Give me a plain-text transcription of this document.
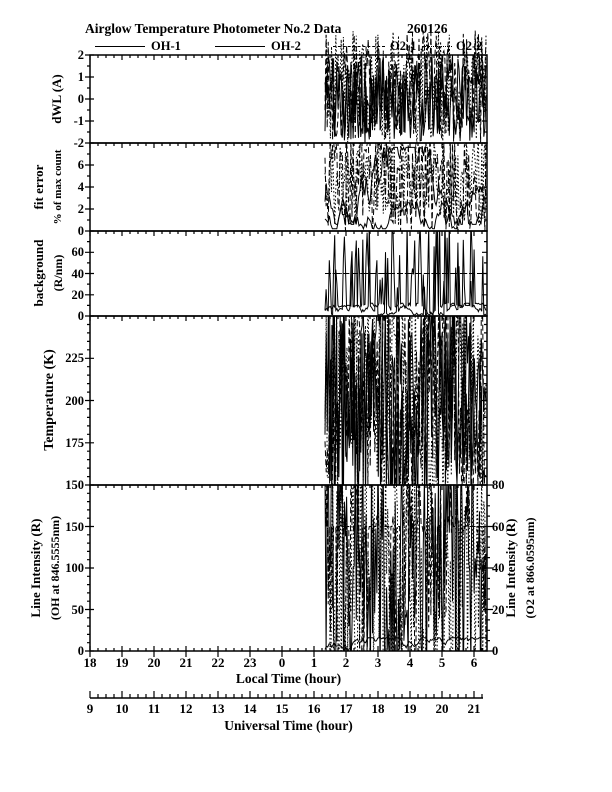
Airglow Temperature Photometer No.2 Data	260126
OH-1	OH-2	O2-1	O2-2
dWL (A)
fit error % of max count
background (R/nm)
Temperature (K)
Line Intensity (R) (OH at 846.5555nm)	Line Intensity (R) (O2 at 866.0595nm)
Local Time (hour)
Universal Time (hour)
2
1
0
-1
-2
6
4
2
0
60
40
20
0
225
200
175
150
150
100
50
0
80
60
40
20
0
18	19	20	21	22	23	0	1	2	3	4	5	6
9	10	11	12	13	14	15	16	17	18	19	20	21
